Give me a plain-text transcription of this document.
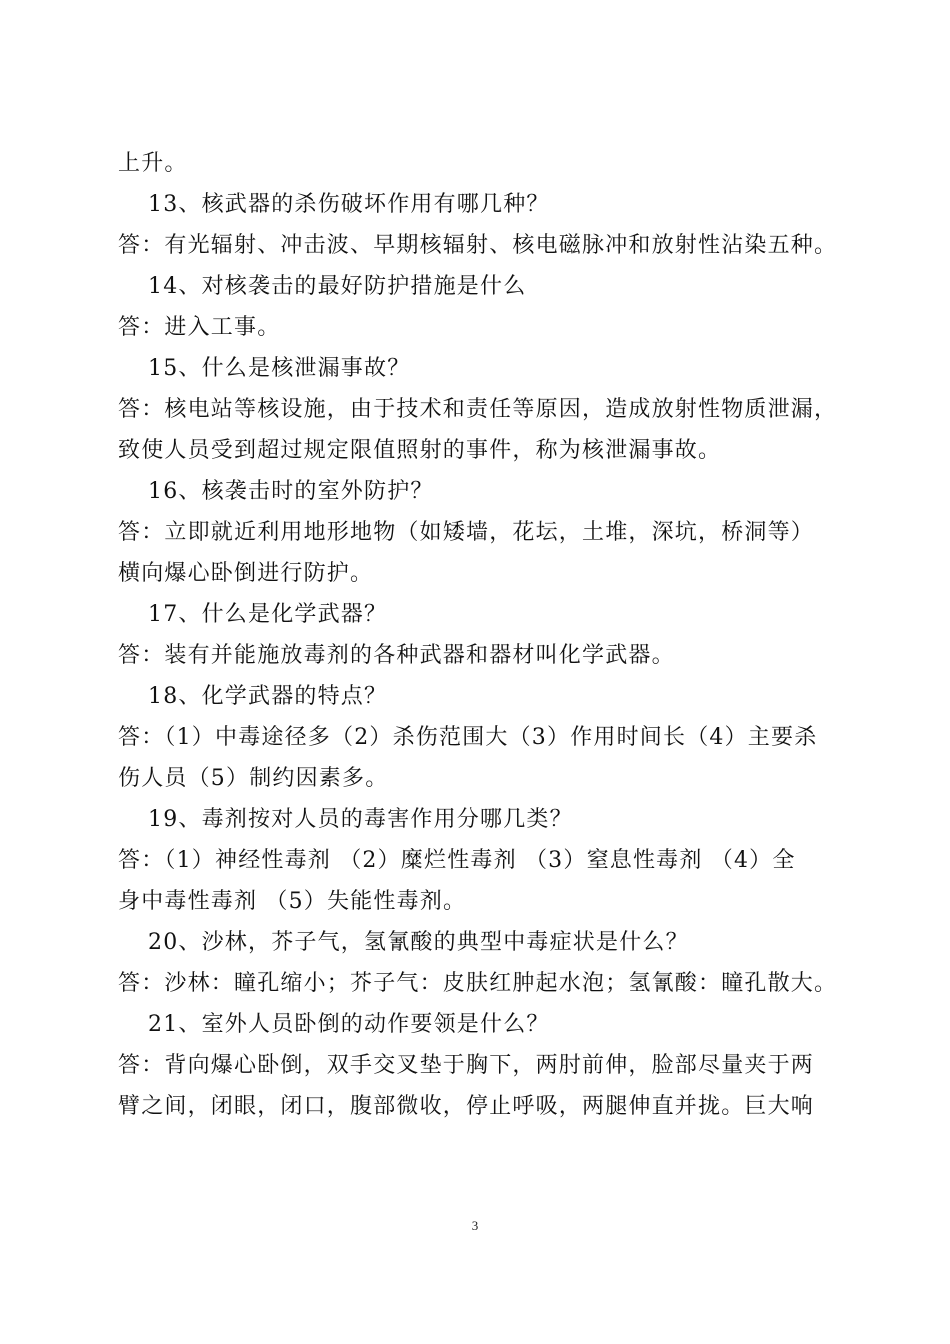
上升。
13、核武器的杀伤破坏作用有哪几种？
答：有光辐射、冲击波、早期核辐射、核电磁脉冲和放射性沾染五种。
14、对核袭击的最好防护措施是什么
答：进入工事。
15、什么是核泄漏事故？
答：核电站等核设施，由于技术和责任等原因，造成放射性物质泄漏，
致使人员受到超过规定限值照射的事件，称为核泄漏事故。
16、核袭击时的室外防护？
答：立即就近利用地形地物（如矮墙，花坛，土堆，深坑，桥洞等）
横向爆心卧倒进行防护。
17、什么是化学武器？
答：装有并能施放毒剂的各种武器和器材叫化学武器。
18、化学武器的特点？
答：（1）中毒途径多（2）杀伤范围大（3）作用时间长（4）主要杀
伤人员（5）制约因素多。
19、毒剂按对人员的毒害作用分哪几类？
答：（1）神经性毒剂 （2）糜烂性毒剂 （3）窒息性毒剂 （4）全
身中毒性毒剂 （5）失能性毒剂。
20、沙林，芥子气，氢氰酸的典型中毒症状是什么？
答：沙林：瞳孔缩小；芥子气：皮肤红肿起水泡；氢氰酸：瞳孔散大。
21、室外人员卧倒的动作要领是什么？
答：背向爆心卧倒，双手交叉垫于胸下，两肘前伸，脸部尽量夹于两
臂之间，闭眼，闭口，腹部微收，停止呼吸，两腿伸直并拢。巨大响
3
